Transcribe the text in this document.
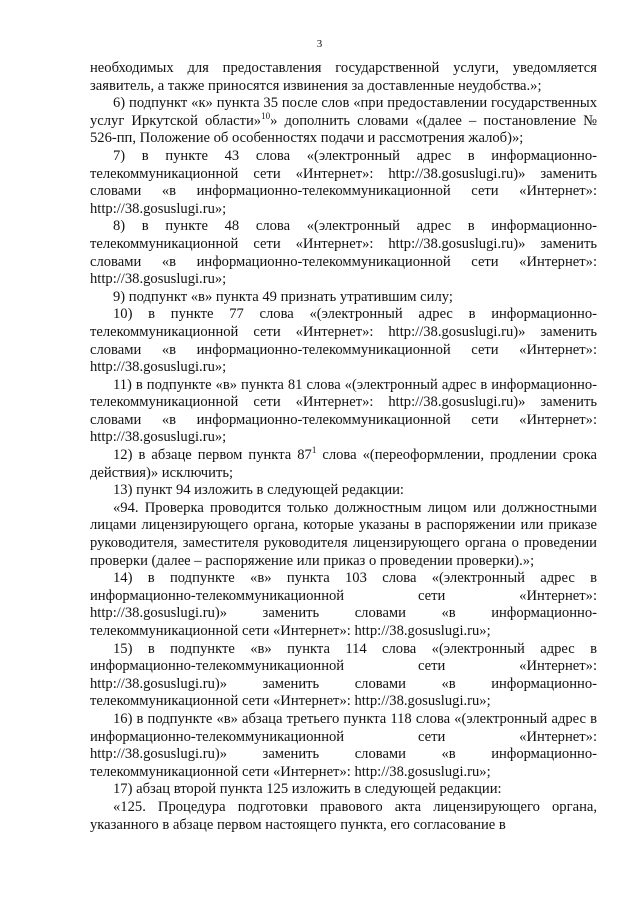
3

необходимых для предоставления государственной услуги, уведомляется заявитель, а также приносятся извинения за доставленные неудобства.»;

6) подпункт «к» пункта 35 после слов «при предоставлении государственных услуг Иркутской области»$^{10}$» дополнить словами «(далее – постановление № 526-пп, Положение об особенностях подачи и рассмотрения жалоб)»;

7) в пункте 43 слова «(электронный адрес в информационно-телекоммуникационной сети «Интернет»: http://38.gosuslugi.ru)» заменить словами «в информационно-телекоммуникационной сети «Интернет»: http://38.gosuslugi.ru»;

8) в пункте 48 слова «(электронный адрес в информационно-телекоммуникационной сети «Интернет»: http://38.gosuslugi.ru)» заменить словами «в информационно-телекоммуникационной сети «Интернет»: http://38.gosuslugi.ru»;

9) подпункт «в» пункта 49 признать утратившим силу;

10) в пункте 77 слова «(электронный адрес в информационно-телекоммуникационной сети «Интернет»: http://38.gosuslugi.ru)» заменить словами «в информационно-телекоммуникационной сети «Интернет»: http://38.gosuslugi.ru»;

11) в подпункте «в» пункта 81 слова «(электронный адрес в информационно-телекоммуникационной сети «Интернет»: http://38.gosuslugi.ru)» заменить словами «в информационно-телекоммуникационной сети «Интернет»: http://38.gosuslugi.ru»;

12) в абзаце первом пункта $87^1$ слова «(переоформлении, продлении срока действия)» исключить;

13) пункт 94 изложить в следующей редакции:

«94. Проверка проводится только должностным лицом или должностными лицами лицензирующего органа, которые указаны в распоряжении или приказе руководителя, заместителя руководителя лицензирующего органа о проведении проверки (далее – распоряжение или приказ о проведении проверки).»;

14) в подпункте «в» пункта 103 слова «(электронный адрес в информационно-телекоммуникационной сети «Интернет»: http://38.gosuslugi.ru)» заменить словами «в информационно-телекоммуникационной сети «Интернет»: http://38.gosuslugi.ru»;

15) в подпункте «в» пункта 114 слова «(электронный адрес в информационно-телекоммуникационной сети «Интернет»: http://38.gosuslugi.ru)» заменить словами «в информационно-телекоммуникационной сети «Интернет»: http://38.gosuslugi.ru»;

16) в подпункте «в» абзаца третьего пункта 118 слова «(электронный адрес в информационно-телекоммуникационной сети «Интернет»: http://38.gosuslugi.ru)» заменить словами «в информационно-телекоммуникационной сети «Интернет»: http://38.gosuslugi.ru»;

17) абзац второй пункта 125 изложить в следующей редакции:

«125. Процедура подготовки правового акта лицензирующего органа, указанного в абзаце первом настоящего пункта, его согласование в
